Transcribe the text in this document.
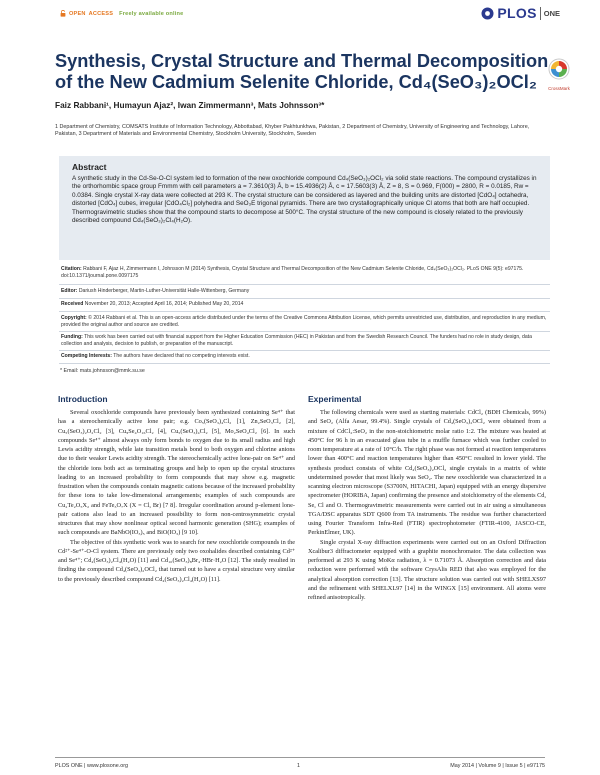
OPEN ACCESS Freely available online	PLOS ONE
Synthesis, Crystal Structure and Thermal Decomposition of the New Cadmium Selenite Chloride, Cd₄(SeO₃)₂OCl₂	CrossMark
Faiz Rabbani¹, Humayun Ajaz², Iwan Zimmermann³, Mats Johnsson³*
1 Department of Chemistry, COMSATS Institute of Information Technology, Abbottabad, Khyber Pakhtunkhwa, Pakistan, 2 Department of Chemistry, University of Engineering and Technology, Lahore, Pakistan, 3 Department of Materials and Environmental Chemistry, Stockholm University, Stockholm, Sweden
Abstract
A synthetic study in the Cd-Se-O-Cl system led to formation of the new oxochloride compound Cd₄(SeO₃)₂OCl₂ via solid state reactions. The compound crystallizes in the orthorhombic space group Fmmm with cell parameters a = 7.3610(3) Å, b = 15.4936(2) Å, c = 17.5603(3) Å, Z = 8, S = 0.969, F(000) = 2800, R = 0.0185, Rw = 0.0384. Single crystal X-ray data were collected at 293 K. The crystal structure can be considered as layered and the building units are distorted [CdO₄] octahedra, distorted [CdO₄] cubes, irregular [CdO₄Cl₂] polyhedra and SeO₃E trigonal pyramids. There are two crystallographically unique Cl atoms that both are half occupied. Thermogravimetric studies show that the compound starts to decompose at 500°C. The crystal structure of the new compound is closely related to the previously described compound Cd₄(SeO₃)₂Cl₄(H₂O).
Citation: Rabbani F, Ajaz H, Zimmermann I, Johnsson M (2014) Synthesis, Crystal Structure and Thermal Decomposition of the New Cadmium Selenite Chloride, Cd₄(SeO₃)₂OCl₂. PLoS ONE 9(5): e97175. doi:10.1371/journal.pone.0097175
Editor: Dariush Hinderberger, Martin-Luther-Universität Halle-Wittenberg, Germany
Received November 20, 2013; Accepted April 16, 2014; Published May 20, 2014
Copyright: © 2014 Rabbani et al. This is an open-access article distributed under the terms of the Creative Commons Attribution License, which permits unrestricted use, distribution, and reproduction in any medium, provided the original author and source are credited.
Funding: This work has been carried out with financial support from the Higher Education Commission (HEC) in Pakistan and from the Swedish Research Council. The funders had no role in study design, data collection and analysis, decision to publish, or preparation of the manuscript.
Competing Interests: The authors have declared that no competing interests exist.
* Email: mats.johnsson@mmk.su.se
Introduction	Experimental

Several oxochloride compounds have previously been synthesized containing Se⁴⁺ that has a stereochemically active lone pair; e.g. Co₅(SeO₃)₄Cl₂ [1], Zn₂SeO₃Cl₂ [2], Cu₅(SeO₃)₂O₂Cl₂ [3], Cu₉Se₄O₁₆Cl₂ [4], Cu₅(SeO₃)₄Cl₂ [5], Mo₂SeO₄Cl₂ [6]. In such compounds Se⁴⁺ almost always only form bonds to oxygen due to its small radius and high Lewis acidity strength, while late transition metals bond to both oxygen and chlorine anions due to their weaker Lewis acidity strength. The stereochemically active lone-pair on Se⁴⁺ and the chloride ions both act as terminating groups and help to open up the crystal structures leading to an increased probability to form compounds that may show e.g. magnetic frustration when the compounds contain magnetic cations because of the increased probability for these ions to take low-dimensional arrangements; examples of such compounds are Cu₂Te₂O₅X₂ and FeTe₃O₇X (X = Cl, Br) [7 8]. Irregular coordination around p-element lone-pair cations also lead to an increased possibility to form non-centrosymmetric crystal structures that may show nonlinear optical second harmonic generation (SHG); examples of such compounds are BaNbO(IO₃)₅ and BiO(IO₃) [9 10].

The objective of this synthetic work was to search for new oxochloride compounds in the Cd²⁺-Se⁴⁺-O-Cl system. There are previously only two oxohalides described containing Cd²⁺ and Se⁴⁺; Cd₄(SeO₃)₂Cl₄(H₂O) [11] and Cd₁₀(SeO₃)₈Br₄·HBr·H₂O [12]. The study resulted in finding the compound Cd₄(SeO₃)₂OCl₂ that turned out to have a crystal structure very similar to the previously described compound Cd₄(SeO₃)₂Cl₄(H₂O) [11].

The following chemicals were used as starting materials: CdCl₂ (BDH Chemicals, 99%) and SeO₂ (Alfa Aesar, 99.4%). Single crystals of Cd₄(SeO₃)₂OCl₂ were obtained from a mixture of CdCl₂:SeO₂ in the non-stoichiometric molar ratio 1:2. The mixture was heated at 450°C for 96 h in an evacuated glass tube in a muffle furnace which was further cooled to room temperature at a rate of 10°C/h. The right phase was not formed at reaction temperatures lower than 400°C and reaction temperatures higher than 450°C resulted in lower yield. The synthesis product consists of white Cd₄(SeO₃)₂OCl₂ single crystals in a matrix of white undetermined powder that most likely was SeO₂. The new oxochloride was characterized in a scanning electron microscope (S3700N, HITACHI, Japan) equipped with an energy dispersive spectrometer (HORIBA, Japan) confirming the presence and stoichiometry of the elements Cd, Se, Cl and O. Thermogravimetric measurements were carried out in air using a simultaneous TGA/DSC apparatus SDT Q600 from TA instruments. The residue was further characterized using Fourier Transform Infra-Red (FTIR) spectrophotometer (FTIR-4100, JASCO-CE, PerkinElmer, UK).

Single crystal X-ray diffraction experiments were carried out on an Oxford Diffraction Xcalibur3 diffractometer equipped with a graphite monochromator. The data collection was performed at 293 K using MoKα radiation, λ = 0.71073 Å. Absorption correction and data reduction were performed with the software CrysAlis RED that also was employed for the analytical absorption correction [13]. The structure solution was carried out with SHELXS97 and the refinement with SHELXL97 [14] in the WINGX [15] environment. All atoms were refined anisotropically.

PLOS ONE | www.plosone.org	1	May 2014 | Volume 9 | Issue 5 | e97175
